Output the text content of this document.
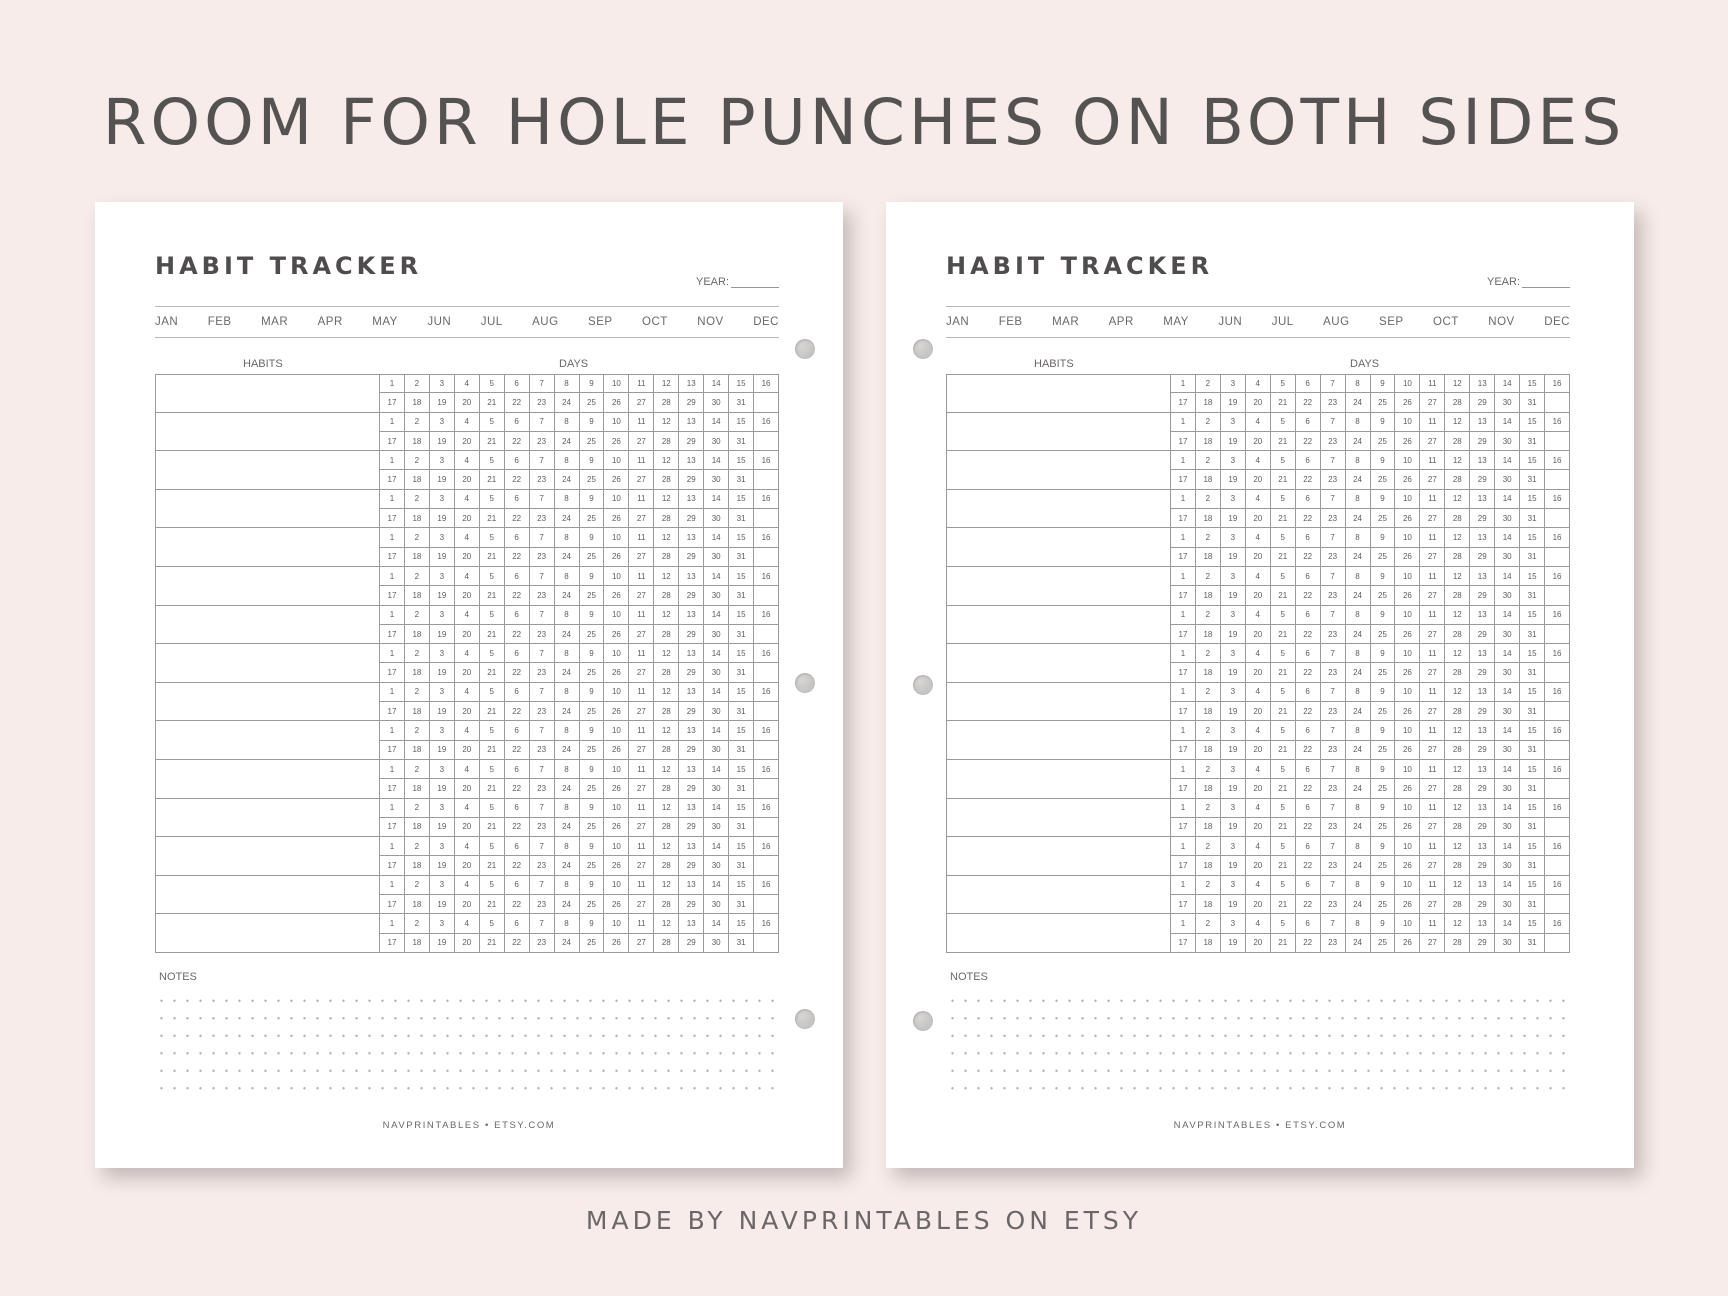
ROOM FOR HOLE PUNCHES ON BOTH SIDES
HABIT TRACKER
YEAR:
JAN	FEB	MAR	APR	MAY	JUN	JUL	AUG	SEP	OCT	NOV	DEC
HABITS	DAYS
1	2	3	4	5	6	7	8	9	10	11	12	13	14	15	16
17	18	19	20	21	22	23	24	25	26	27	28	29	30	31
1	2	3	4	5	6	7	8	9	10	11	12	13	14	15	16
17	18	19	20	21	22	23	24	25	26	27	28	29	30	31
1	2	3	4	5	6	7	8	9	10	11	12	13	14	15	16
17	18	19	20	21	22	23	24	25	26	27	28	29	30	31
1	2	3	4	5	6	7	8	9	10	11	12	13	14	15	16
17	18	19	20	21	22	23	24	25	26	27	28	29	30	31
1	2	3	4	5	6	7	8	9	10	11	12	13	14	15	16
17	18	19	20	21	22	23	24	25	26	27	28	29	30	31
1	2	3	4	5	6	7	8	9	10	11	12	13	14	15	16
17	18	19	20	21	22	23	24	25	26	27	28	29	30	31
1	2	3	4	5	6	7	8	9	10	11	12	13	14	15	16
17	18	19	20	21	22	23	24	25	26	27	28	29	30	31
1	2	3	4	5	6	7	8	9	10	11	12	13	14	15	16
17	18	19	20	21	22	23	24	25	26	27	28	29	30	31
1	2	3	4	5	6	7	8	9	10	11	12	13	14	15	16
17	18	19	20	21	22	23	24	25	26	27	28	29	30	31
1	2	3	4	5	6	7	8	9	10	11	12	13	14	15	16
17	18	19	20	21	22	23	24	25	26	27	28	29	30	31
1	2	3	4	5	6	7	8	9	10	11	12	13	14	15	16
17	18	19	20	21	22	23	24	25	26	27	28	29	30	31
1	2	3	4	5	6	7	8	9	10	11	12	13	14	15	16
17	18	19	20	21	22	23	24	25	26	27	28	29	30	31
1	2	3	4	5	6	7	8	9	10	11	12	13	14	15	16
17	18	19	20	21	22	23	24	25	26	27	28	29	30	31
1	2	3	4	5	6	7	8	9	10	11	12	13	14	15	16
17	18	19	20	21	22	23	24	25	26	27	28	29	30	31
1	2	3	4	5	6	7	8	9	10	11	12	13	14	15	16
17	18	19	20	21	22	23	24	25	26	27	28	29	30	31
NOTES
NAVPRINTABLES • ETSY.COM
HABIT TRACKER
YEAR:
JAN	FEB	MAR	APR	MAY	JUN	JUL	AUG	SEP	OCT	NOV	DEC
HABITS	DAYS
1	2	3	4	5	6	7	8	9	10	11	12	13	14	15	16
17	18	19	20	21	22	23	24	25	26	27	28	29	30	31
1	2	3	4	5	6	7	8	9	10	11	12	13	14	15	16
17	18	19	20	21	22	23	24	25	26	27	28	29	30	31
1	2	3	4	5	6	7	8	9	10	11	12	13	14	15	16
17	18	19	20	21	22	23	24	25	26	27	28	29	30	31
1	2	3	4	5	6	7	8	9	10	11	12	13	14	15	16
17	18	19	20	21	22	23	24	25	26	27	28	29	30	31
1	2	3	4	5	6	7	8	9	10	11	12	13	14	15	16
17	18	19	20	21	22	23	24	25	26	27	28	29	30	31
1	2	3	4	5	6	7	8	9	10	11	12	13	14	15	16
17	18	19	20	21	22	23	24	25	26	27	28	29	30	31
1	2	3	4	5	6	7	8	9	10	11	12	13	14	15	16
17	18	19	20	21	22	23	24	25	26	27	28	29	30	31
1	2	3	4	5	6	7	8	9	10	11	12	13	14	15	16
17	18	19	20	21	22	23	24	25	26	27	28	29	30	31
1	2	3	4	5	6	7	8	9	10	11	12	13	14	15	16
17	18	19	20	21	22	23	24	25	26	27	28	29	30	31
1	2	3	4	5	6	7	8	9	10	11	12	13	14	15	16
17	18	19	20	21	22	23	24	25	26	27	28	29	30	31
1	2	3	4	5	6	7	8	9	10	11	12	13	14	15	16
17	18	19	20	21	22	23	24	25	26	27	28	29	30	31
1	2	3	4	5	6	7	8	9	10	11	12	13	14	15	16
17	18	19	20	21	22	23	24	25	26	27	28	29	30	31
1	2	3	4	5	6	7	8	9	10	11	12	13	14	15	16
17	18	19	20	21	22	23	24	25	26	27	28	29	30	31
1	2	3	4	5	6	7	8	9	10	11	12	13	14	15	16
17	18	19	20	21	22	23	24	25	26	27	28	29	30	31
1	2	3	4	5	6	7	8	9	10	11	12	13	14	15	16
17	18	19	20	21	22	23	24	25	26	27	28	29	30	31
NOTES
NAVPRINTABLES • ETSY.COM
MADE BY NAVPRINTABLES ON ETSY
